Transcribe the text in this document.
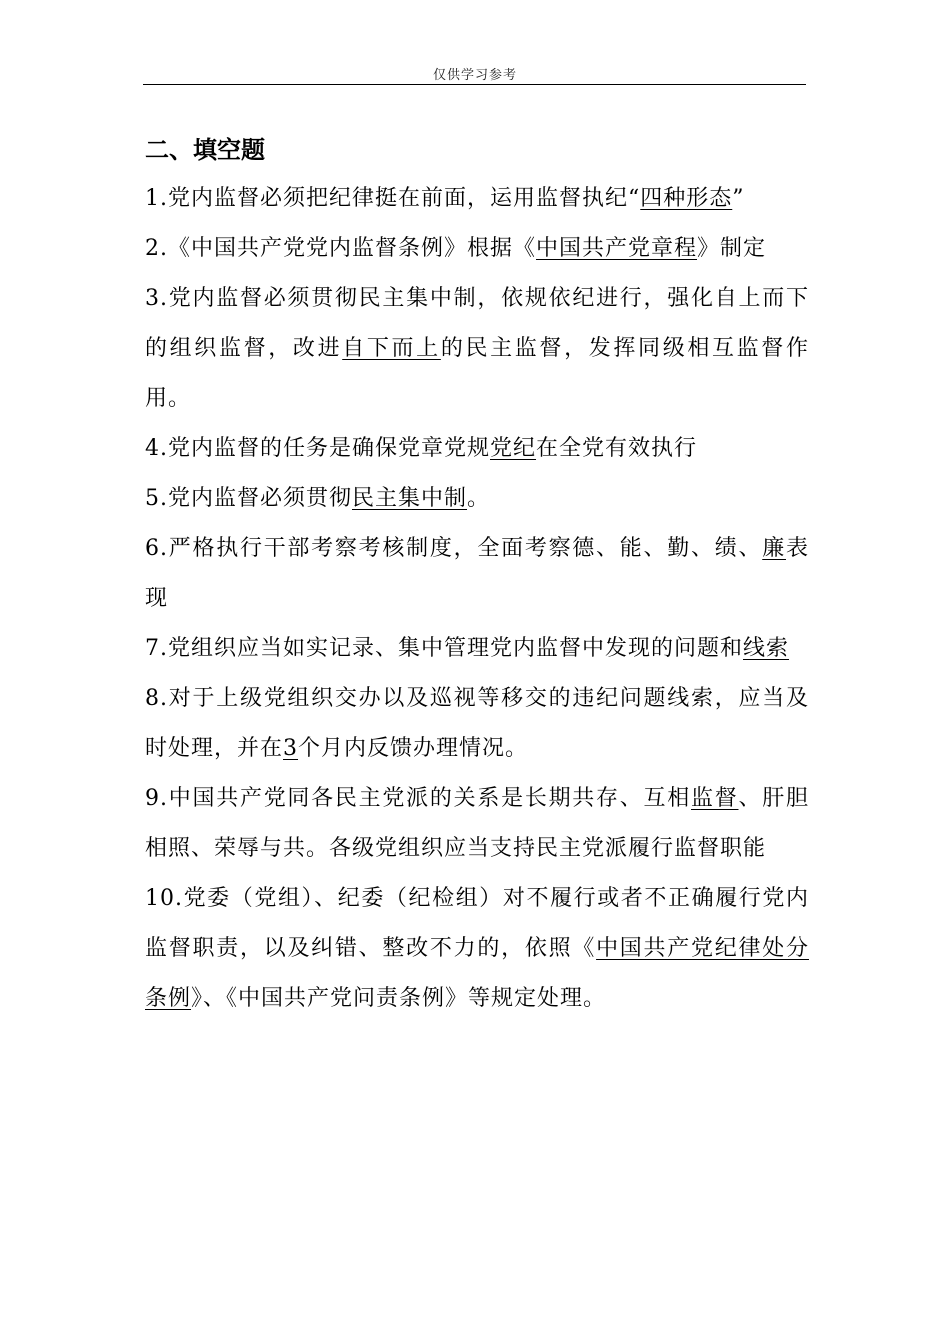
仅供学习参考
二、填空题

1.党内监督必须把纪律挺在前面，运用监督执纪“四种形态”

2.《中国共产党党内监督条例》根据《中国共产党章程》制定

3.党内监督必须贯彻民主集中制，依规依纪进行，强化自上而下的组织监督，改进自下而上的民主监督，发挥同级相互监督作用。

4.党内监督的任务是确保党章党规党纪在全党有效执行

5.党内监督必须贯彻民主集中制。

6.严格执行干部考察考核制度，全面考察德、能、勤、绩、廉表现

7.党组织应当如实记录、集中管理党内监督中发现的问题和线索

8.对于上级党组织交办以及巡视等移交的违纪问题线索，应当及时处理，并在3个月内反馈办理情况。

9.中国共产党同各民主党派的关系是长期共存、互相监督、肝胆相照、荣辱与共。各级党组织应当支持民主党派履行监督职能

10.党委（党组）、纪委（纪检组）对不履行或者不正确履行党内监督职责，以及纠错、整改不力的，依照《中国共产党纪律处分条例》、《中国共产党问责条例》等规定处理。
